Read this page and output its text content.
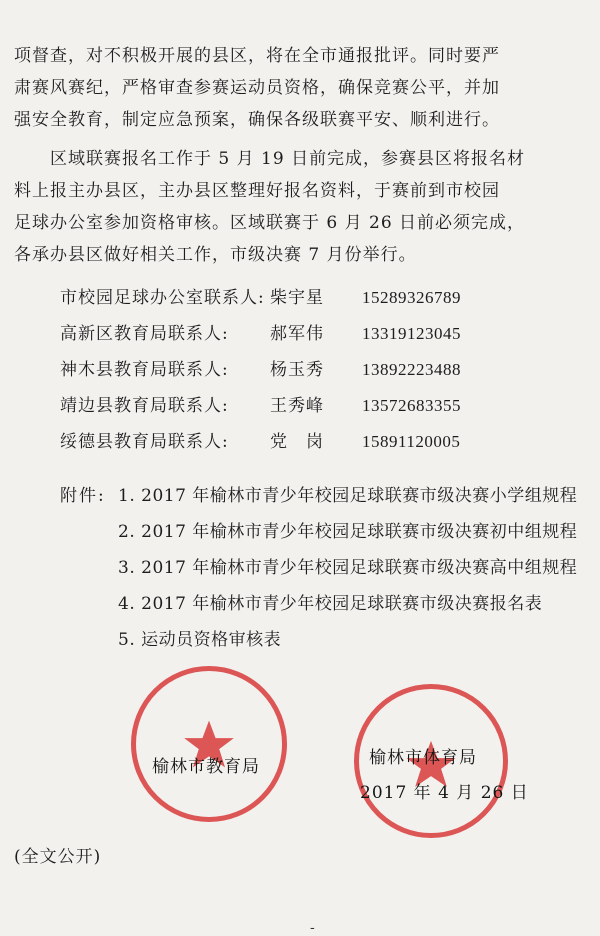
项督查，对不积极开展的县区，将在全市通报批评。同时要严
肃赛风赛纪，严格审查参赛运动员资格，确保竞赛公平，并加
强安全教育，制定应急预案，确保各级联赛平安、顺利进行。

区域联赛报名工作于 5 月 19 日前完成，参赛县区将报名材
料上报主办县区，主办县区整理好报名资料，于赛前到市校园
足球办公室参加资格审核。区域联赛于 6 月 26 日前必须完成，
各承办县区做好相关工作，市级决赛 7 月份举行。

市校园足球办公室联系人: 柴宇星	15289326789
高新区教育局联系人:	郝军伟	13319123045
神木县教育局联系人:	杨玉秀	13892223488
靖边县教育局联系人:	王秀峰	13572683355
绥德县教育局联系人:	党　岗	15891120005
附件: 1. 2017 年榆林市青少年校园足球联赛市级决赛小学组规程
2. 2017 年榆林市青少年校园足球联赛市级决赛初中组规程
3. 2017 年榆林市青少年校园足球联赛市级决赛高中组规程
4. 2017 年榆林市青少年校园足球联赛市级决赛报名表
5. 运动员资格审核表
榆林市教育局	榆林市体育局
2017 年 4 月 26 日
(全文公开)
-
